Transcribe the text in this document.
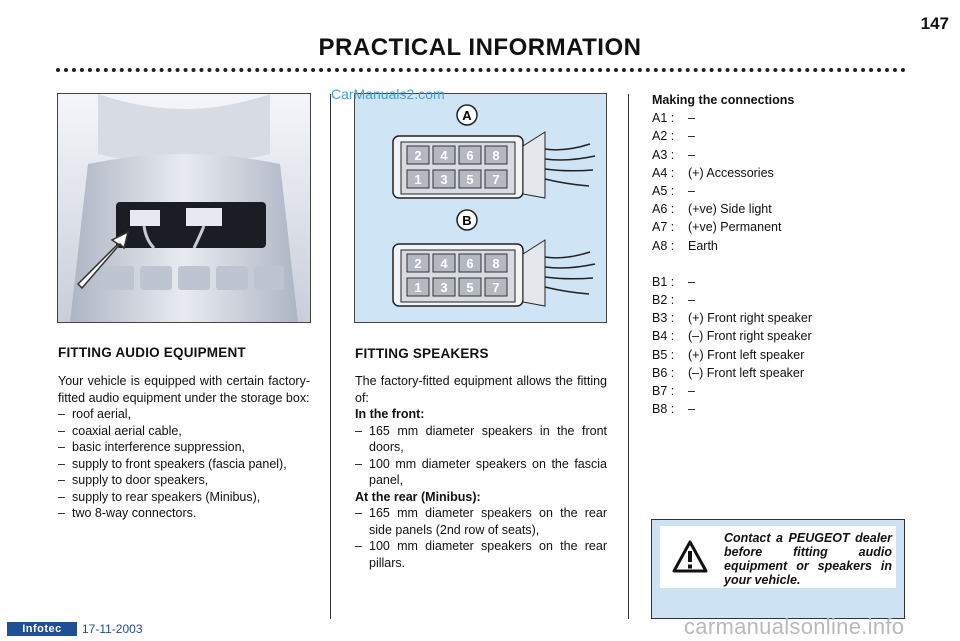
147
PRACTICAL INFORMATION
A
2 4 6 8
1 3 5 7
B
2 4 6 8
1 3 5 7
CarManuals2.com
FITTING AUDIO EQUIPMENT

Your vehicle is equipped with certain factory-fitted audio equipment under the storage box:

– roof aerial,
– coaxial aerial cable,
– basic interference suppression,
– supply to front speakers (fascia panel),
– supply to door speakers,
– supply to rear speakers (Minibus),
– two 8-way connectors.
FITTING SPEAKERS

The factory-fitted equipment allows the fitting of:

In the front:

– 165 mm diameter speakers in the front doors,
– 100 mm diameter speakers on the fascia panel,

At the rear (Minibus):

– 165 mm diameter speakers on the rear side panels (2nd row of seats),
– 100 mm diameter speakers on the rear pillars.
Making the connections
A1 :	–
A2 :	–
A3 :	–
A4 :	(+) Accessories
A5 :	–
A6 :	(+ve) Side light
A7 :	(+ve) Permanent
A8 :	Earth
B1 :	–
B2 :	–
B3 :	(+) Front right speaker
B4 :	(–) Front right speaker
B5 :	(+) Front left speaker
B6 :	(–) Front left speaker
B7 :	–
B8 :	–
Contact a PEUGEOT dealer before fitting audio equipment or speakers in your vehicle.
Infotec	17-11-2003	carmanualsonline.info
